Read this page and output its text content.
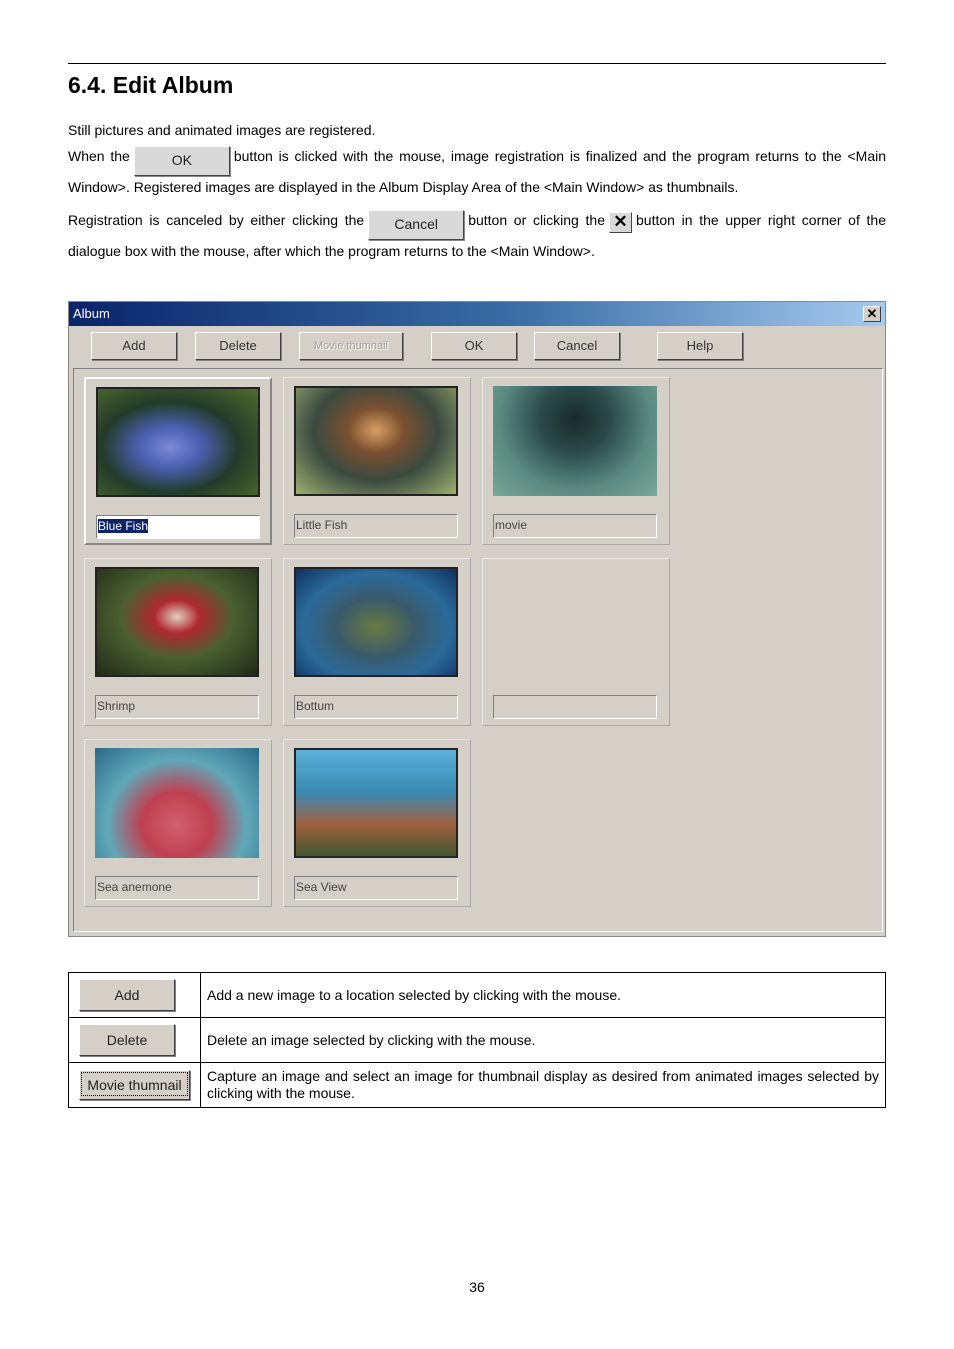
6.4. Edit Album

Still pictures and animated images are registered.

When the	OK	button is clicked with the mouse, image registration is finalized and the program returns to the <Main Window>. Registered images are displayed in the Album Display Area of the <Main Window> as thumbnails.

Registration is canceled by either clicking the Cancel button or clicking the ✕ button in the upper right corner of the dialogue box with the mouse, after which the program returns to the <Main Window>.

Album	✕
Add	Delete	Movie thumnail	OK	Cancel	Help
Blue Fish	Little Fish	movie
Shrimp	Bottum
Sea anemone	Sea View
Add	Add a new image to a location selected by clicking with the mouse.
Delete	Delete an image selected by clicking with the mouse.

Movie thumnail	Capture an image and select an image for thumbnail display as desired from animated images selected by clicking with the mouse.
36
